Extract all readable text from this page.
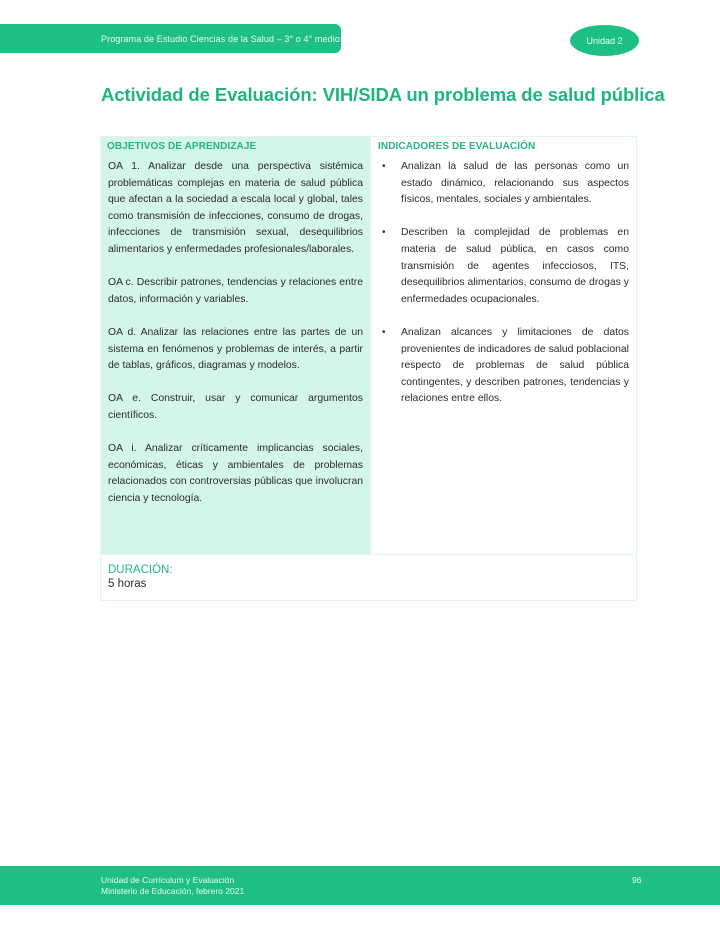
Programa de Estudio Ciencias de la Salud – 3° o 4° medio	Unidad 2
Actividad de Evaluación: VIH/SIDA un problema de salud pública
OBJETIVOS DE APRENDIZAJE

OA 1. Analizar desde una perspectiva sistémica problemáticas complejas en materia de salud pública que afectan a la sociedad a escala local y global, tales como transmisión de infecciones, consumo de drogas, infecciones de transmisión sexual, desequilibrios alimentarios y enfermedades profesionales/laborales.

OA c. Describir patrones, tendencias y relaciones entre datos, información y variables.

OA d. Analizar las relaciones entre las partes de un sistema en fenómenos y problemas de interés, a partir de tablas, gráficos, diagramas y modelos.

OA e. Construir, usar y comunicar argumentos científicos.

OA i. Analizar críticamente implicancias sociales, económicas, éticas y ambientales de problemas relacionados con controversias públicas que involucran ciencia y tecnología.

INDICADORES DE EVALUACIÓN
• Analizan la salud de las personas como un estado dinámico, relacionando sus aspectos físicos, mentales, sociales y ambientales.
• Describen la complejidad de problemas en materia de salud pública, en casos como transmisión de agentes infecciosos, ITS, desequilibrios alimentarios, consumo de drogas y enfermedades ocupacionales.
• Analizan alcances y limitaciones de datos provenientes de indicadores de salud poblacional respecto de problemas de salud pública contingentes, y describen patrones, tendencias y relaciones entre ellos.
DURACIÓN:
5 horas
Unidad de Currículum y Evaluación
Ministerio de Educación, febrero 2021
96
